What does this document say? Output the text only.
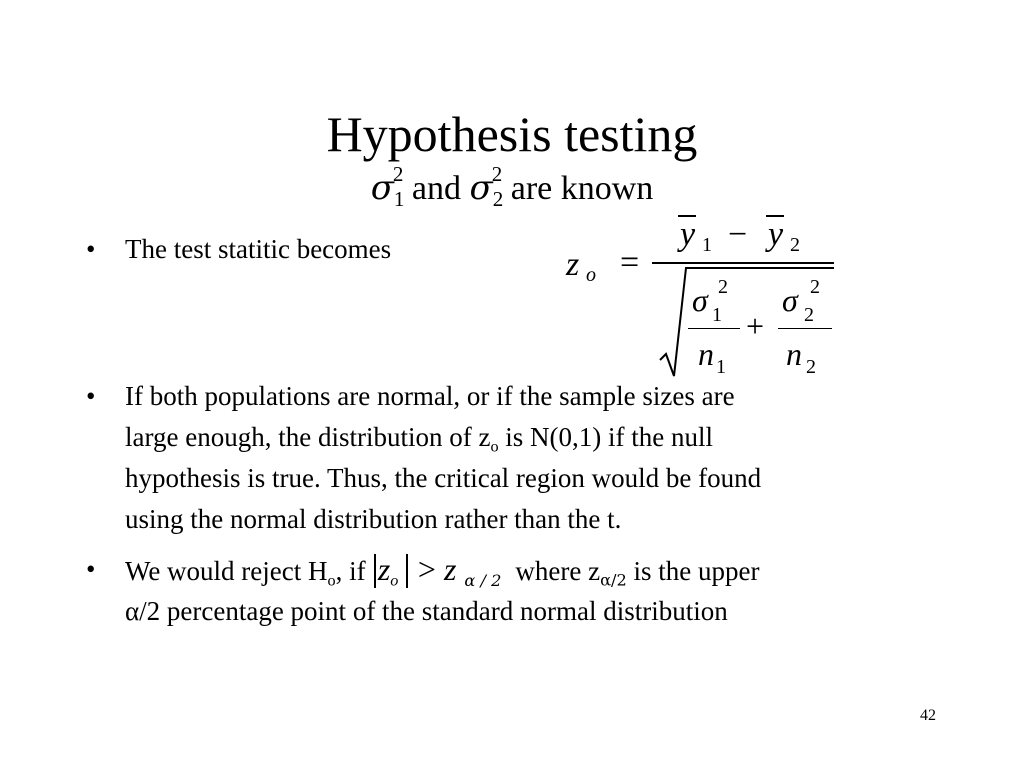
Hypothesis testing
$\sigma_1^2$ and $\sigma_2^2$ are known
• The test statitic becomes	z o =
y 1 − y 2
σ 1
2
n 1
+
σ 2
2
n 2
• If both populations are normal, or if the sample sizes are
large enough, the distribution of $z_o$ is N(0,1) if the null
hypothesis is true. Thus, the critical region would be found
using the normal distribution rather than the t.
• We would reject $H_o$, if $z_o > z$ $_{\alpha / 2}$ where $z_{\alpha/2}$ is the upper
α/2 percentage point of the standard normal distribution
42
